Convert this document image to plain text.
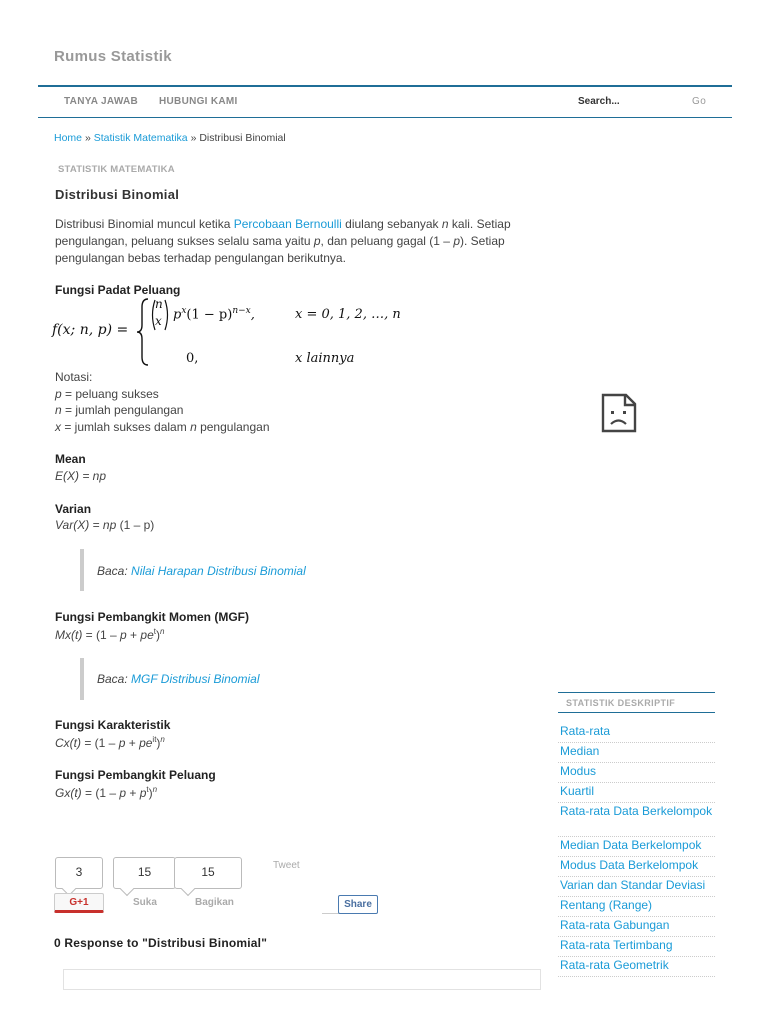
Rumus Statistik
TANYA JAWAB HUBUNGI KAMI	Search...	Go
Home » Statistik Matematika » Distribusi Binomial
STATISTIK MATEMATIKA
Distribusi Binomial
Distribusi Binomial muncul ketika Percobaan Bernoulli diulang sebanyak n kali. Setiap pengulangan, peluang sukses selalu sama yaitu p, dan peluang gagal (1 – p). Setiap pengulangan bebas terhadap pengulangan berikutnya.
Fungsi Padat Peluang
f(x; n, p) =
n
x $p^x(1 - p)^{n-x}$,	x = 0, 1, 2, …, n
0,	x lainnya
Notasi:
p = peluang sukses
n = jumlah pengulangan
x = jumlah sukses dalam n pengulangan
Mean
E(X) = np
Varian
Var(X) = np (1 – p)
Baca: Nilai Harapan Distribusi Binomial
Fungsi Pembangkit Momen (MGF)
$Mx(t) = (1 - p + pe^t)^n$
Baca: MGF Distribusi Binomial
Fungsi Karakteristik
$Cx(t) = (1 - p + pe^{it})^n$
Fungsi Pembangkit Peluang
$Gx(t) = (1 - p + p^t)^n$
3
G+1
15
Suka
15
Bagikan
Tweet
Share
0 Response to "Distribusi Binomial"
STATISTIK DESKRIPTIF
Rata-rata
Median
Modus
Kuartil
Rata-rata Data Berkelompok
Median Data Berkelompok
Modus Data Berkelompok
Varian dan Standar Deviasi
Rentang (Range)
Rata-rata Gabungan
Rata-rata Tertimbang
Rata-rata Geometrik
